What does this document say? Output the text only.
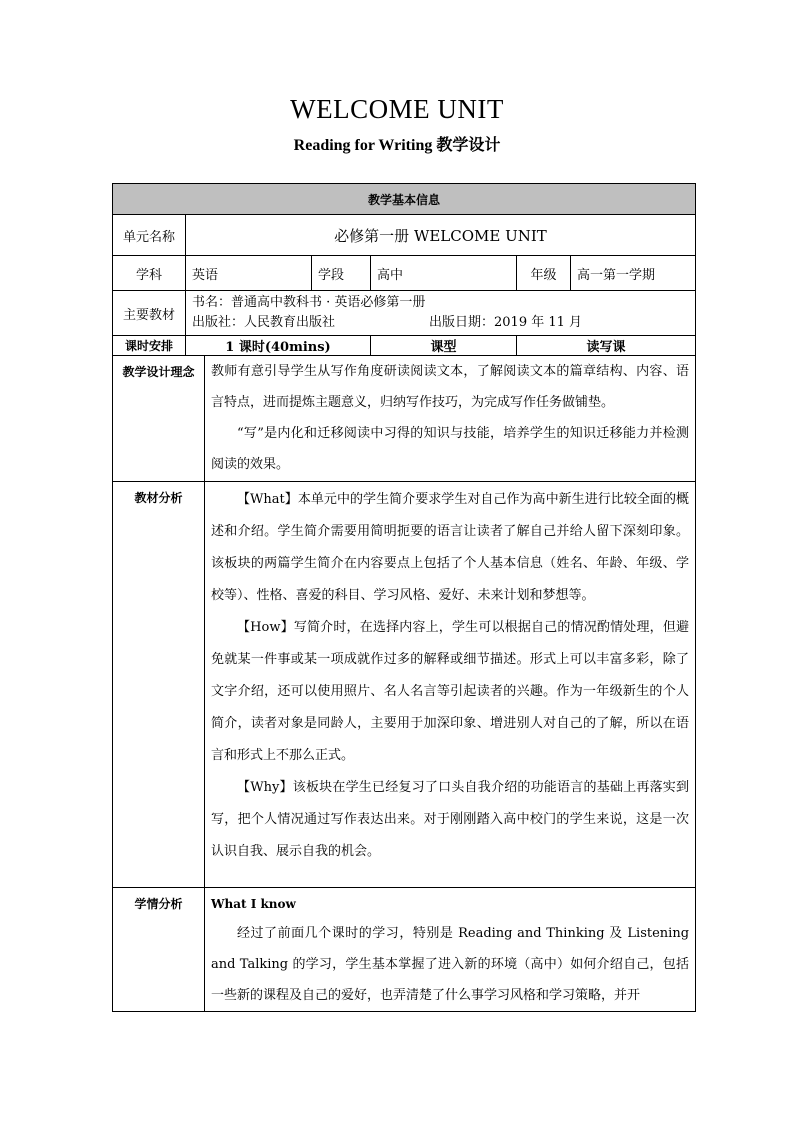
WELCOME UNIT
Reading for Writing 教学设计
教学基本信息						
单元名称	必修第一册 WELCOME UNIT					
学科	英语		学段	高中	年级	高一第一学期
主要教材	书名：普通高中教科书 · 英语必修第一册
出版社：人民教育出版社 出版日期：2019 年 11 月					

课时安排	1 课时(40mins)			课型	读写课	
教学设计理念		教师有意引导学生从写作角度研读阅读文本，了解阅读文本的篇章结构、内容、语言特点，进而提炼主题意义，归纳写作技巧，为完成写作任务做铺垫。

“写”是内化和迁移阅读中习得的知识与技能，培养学生的知识迁移能力并检测阅读的效果。				

教材分析		【What】本单元中的学生简介要求学生对自己作为高中新生进行比较全面的概述和介绍。学生简介需要用简明扼要的语言让读者了解自己并给人留下深刻印象。该板块的两篇学生简介在内容要点上包括了个人基本信息（姓名、年龄、年级、学校等）、性格、喜爱的科目、学习风格、爱好、未来计划和梦想等。

【How】写简介时，在选择内容上，学生可以根据自己的情况酌情处理，但避免就某一件事或某一项成就作过多的解释或细节描述。形式上可以丰富多彩，除了文字介绍，还可以使用照片、名人名言等引起读者的兴趣。作为一年级新生的个人简介，读者对象是同龄人，主要用于加深印象、增进别人对自己的了解，所以在语言和形式上不那么正式。

【Why】该板块在学生已经复习了口头自我介绍的功能语言的基础上再落实到写，把个人情况通过写作表达出来。对于刚刚踏入高中校门的学生来说，这是一次认识自我、展示自我的机会。				

学情分析		What I know

经过了前面几个课时的学习，特别是 Reading and Thinking 及 Listening and Talking 的学习，学生基本掌握了进入新的环境（高中）如何介绍自己，包括一些新的课程及自己的爱好，也弄清楚了什么事学习风格和学习策略，并开				
